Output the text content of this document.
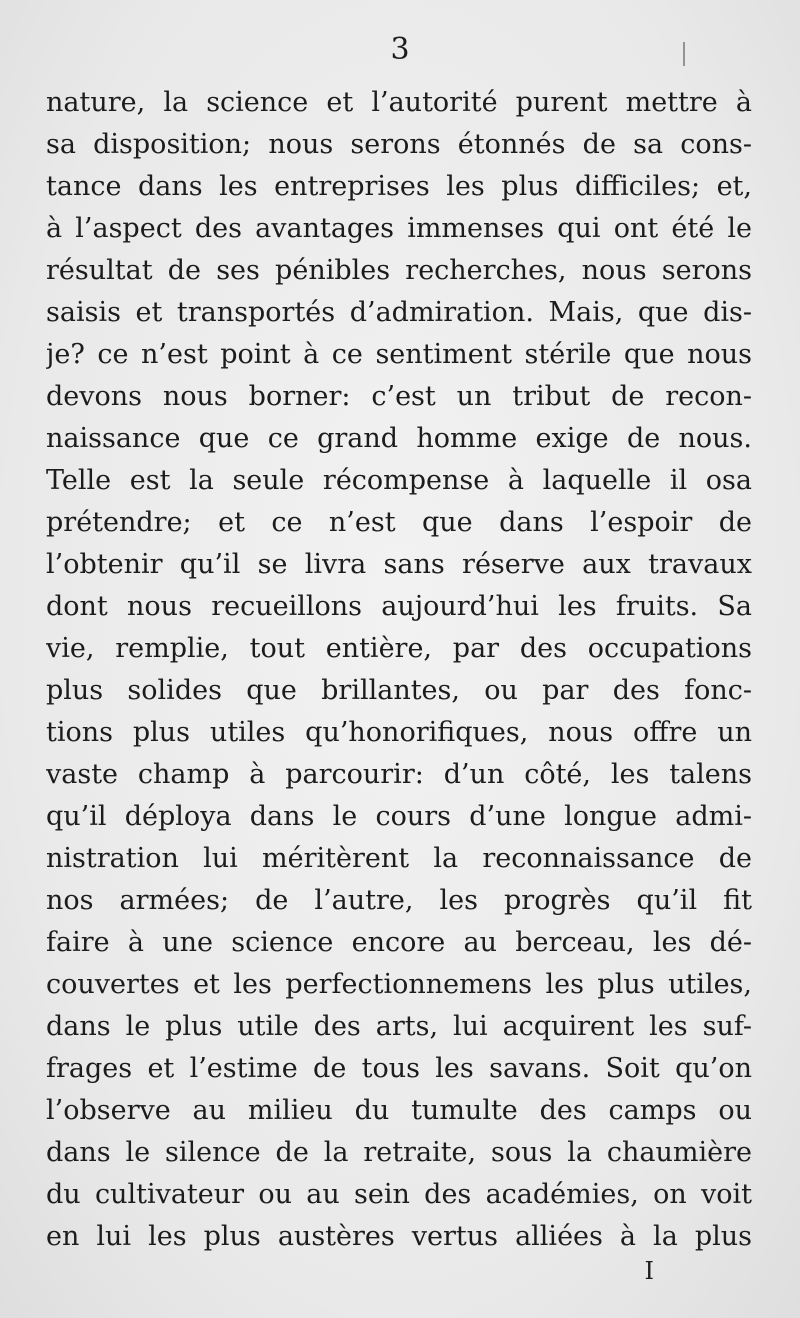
3
nature, la science et l’autorité purent mettre à
sa disposition; nous serons étonnés de sa cons-
tance dans les entreprises les plus difficiles; et,
à l’aspect des avantages immenses qui ont été le
résultat de ses pénibles recherches, nous serons
saisis et transportés d’admiration. Mais, que dis-
je? ce n’est point à ce sentiment stérile que nous
devons nous borner: c’est un tribut de recon-
naissance que ce grand homme exige de nous.
Telle est la seule récompense à laquelle il osa
prétendre; et ce n’est que dans l’espoir de
l’obtenir qu’il se livra sans réserve aux travaux
dont nous recueillons aujourd’hui les fruits. Sa
vie, remplie, tout entière, par des occupations
plus solides que brillantes, ou par des fonc-
tions plus utiles qu’honorifiques, nous offre un
vaste champ à parcourir: d’un côté, les talens
qu’il déploya dans le cours d’une longue admi-
nistration lui méritèrent la reconnaissance de
nos armées; de l’autre, les progrès qu’il fit
faire à une science encore au berceau, les dé-
couvertes et les perfectionnemens les plus utiles,
dans le plus utile des arts, lui acquirent les suf-
frages et l’estime de tous les savans. Soit qu’on
l’observe au milieu du tumulte des camps ou
dans le silence de la retraite, sous la chaumière
du cultivateur ou au sein des académies, on voit
en lui les plus austères vertus alliées à la plus
I
